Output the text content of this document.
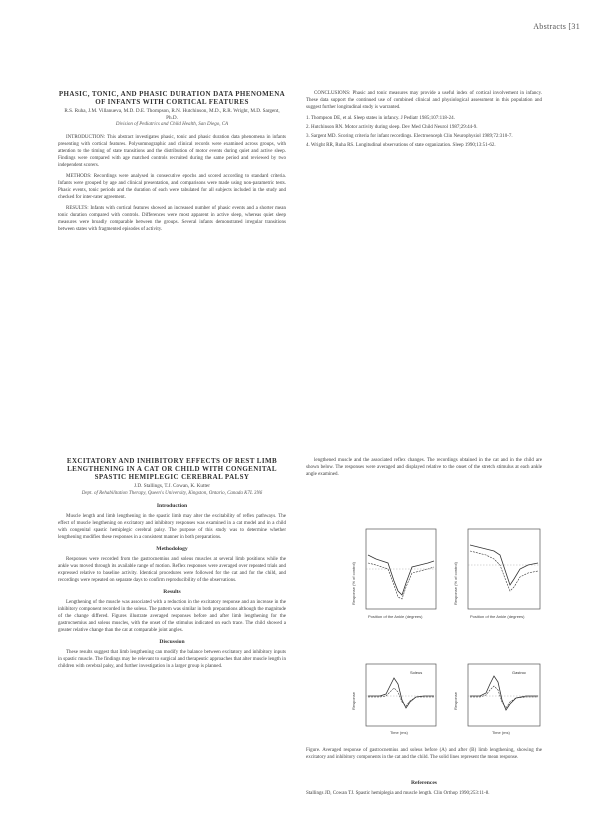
Abstracts [31
PHASIC, TONIC, AND PHASIC DURATION DATA PHENOMENA OF INFANTS WITH CORTICAL FEATURES
R.S. Ruha, J.M. Villanueva, M.D. D.E. Thompson, R.N. Hutchinson, M.D., R.R. Wright, M.D. Sargent, Ph.D.
Division of Pediatrics and Child Health, San Diego, CA

INTRODUCTION: This abstract investigates phasic, tonic and phasic duration data phenomena in infants presenting with cortical features. Polysomnographic and clinical records were examined across groups, with attention to the timing of state transitions and the distribution of motor events during quiet and active sleep. Findings were compared with age matched controls recruited during the same period and reviewed by two independent scorers.

METHODS: Recordings were analysed in consecutive epochs and scored according to standard criteria. Infants were grouped by age and clinical presentation, and comparisons were made using non-parametric tests. Phasic events, tonic periods and the duration of each were tabulated for all subjects included in the study and checked for inter-rater agreement.

RESULTS: Infants with cortical features showed an increased number of phasic events and a shorter mean tonic duration compared with controls. Differences were most apparent in active sleep, whereas quiet sleep measures were broadly comparable between the groups. Several infants demonstrated irregular transitions between states with fragmented episodes of activity.

CONCLUSIONS: Phasic and tonic measures may provide a useful index of cortical involvement in infancy. These data support the continued use of combined clinical and physiological assessment in this population and suggest further longitudinal study is warranted.

1. Thompson DE, et al. Sleep states in infancy. J Pediatr 1985;107:118-24.
2. Hutchinson RN. Motor activity during sleep. Dev Med Child Neurol 1987;29:44-9.
3. Sargent MD. Scoring criteria for infant recordings. Electroenceph Clin Neurophysiol 1989;72:310-7.
4. Wright RR, Ruha RS. Longitudinal observations of state organization. Sleep 1990;13:51-62.
EXCITATORY AND INHIBITORY EFFECTS OF REST LIMB LENGTHENING IN A CAT OR CHILD WITH CONGENITAL SPASTIC HEMIPLEGIC CEREBRAL PALSY
J.D. Stallings, T.J. Cowan, K. Kutter
Dept. of Rehabilitation Therapy, Queen's University, Kingston, Ontario, Canada K7L 3N6
Introduction

Muscle length and limb lengthening in the spastic limb may alter the excitability of reflex pathways. The effect of muscle lengthening on excitatory and inhibitory responses was examined in a cat model and in a child with congenital spastic hemiplegic cerebral palsy. The purpose of this study was to determine whether lengthening modifies these responses in a consistent manner in both preparations.

Methodology

Responses were recorded from the gastrocnemius and soleus muscles at several limb positions while the ankle was moved through its available range of motion. Reflex responses were averaged over repeated trials and expressed relative to baseline activity. Identical procedures were followed for the cat and for the child, and recordings were repeated on separate days to confirm reproducibility of the observations.

Results

Lengthening of the muscle was associated with a reduction in the excitatory response and an increase in the inhibitory component recorded in the soleus. The pattern was similar in both preparations although the magnitude of the change differed. Figures illustrate averaged responses before and after limb lengthening for the gastrocnemius and soleus muscles, with the onset of the stimulus indicated on each trace. The child showed a greater relative change than the cat at comparable joint angles.

Discussion

These results suggest that limb lengthening can modify the balance between excitatory and inhibitory inputs in spastic muscle. The findings may be relevant to surgical and therapeutic approaches that alter muscle length in children with cerebral palsy, and further investigation in a larger group is planned.

lengthened muscle and the associated reflex changes. The recordings obtained in the cat and in the child are shown below. The responses were averaged and displayed relative to the onset of the stretch stimulus at each ankle angle examined.

Response (% of control)
Position of the Ankle (degrees)
Response (% of control)
Position of the Ankle (degrees)
Soleus
Response
Time (ms)
Gastroc
Response
Time (ms)
Figure. Averaged response of gastrocnemius and soleus before (A) and after (B) limb lengthening, showing the excitatory and inhibitory components in the cat and the child. The solid lines represent the mean response.
References

Stallings JD, Cowan TJ. Spastic hemiplegia and muscle length. Clin Orthop 1990;253:11-8.
